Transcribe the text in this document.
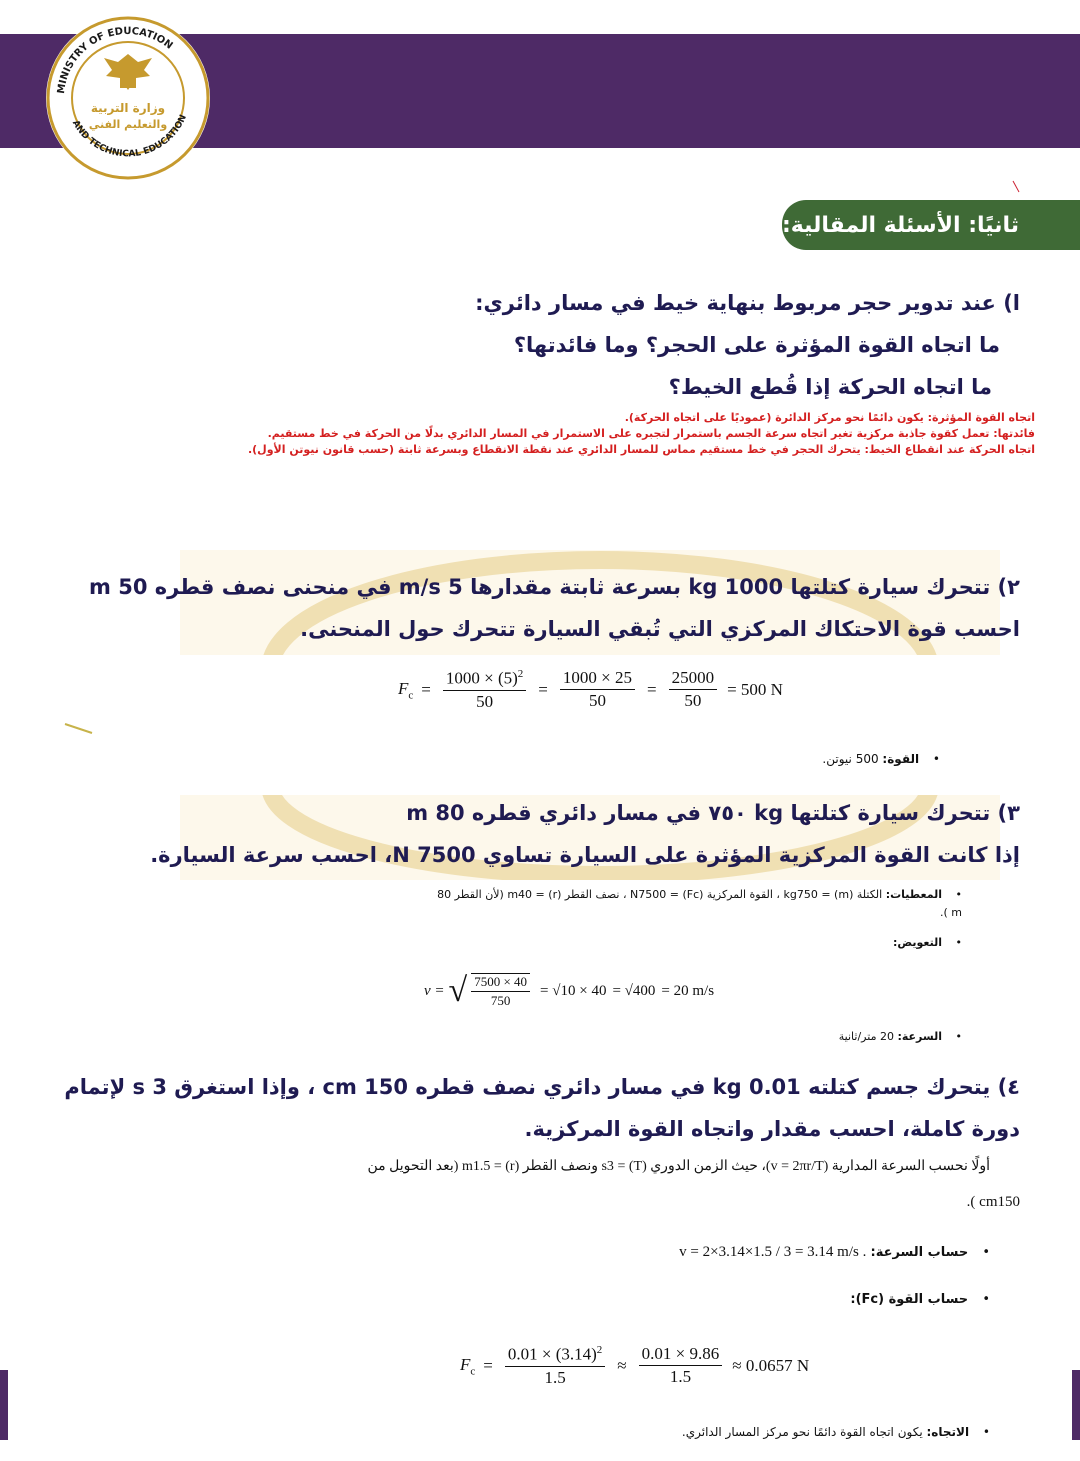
MINISTRY OF EDUCATION
AND TECHNICAL EDUCATION
وزارة التربية
والتعليم الفني
ثانيًا: الأسئلة المقالية:
ا) عند تدوير حجر مربوط بنهاية خيط في مسار دائري:
ما اتجاه القوة المؤثرة على الحجر؟ وما فائدتها؟
ما اتجاه الحركة إذا قُطع الخيط؟
اتجاه القوة المؤثرة: يكون دائمًا نحو مركز الدائرة (عموديًا على اتجاه الحركة).
فائدتها: تعمل كقوة جاذبة مركزية تغير اتجاه سرعة الجسم باستمرار لتجبره على الاستمرار في المسار الدائري بدلًا من الحركة في خط مستقيم.
اتجاه الحركة عند انقطاع الخيط: يتحرك الحجر في خط مستقيم مماس للمسار الدائري عند نقطة الانقطاع وبسرعة ثابتة (حسب قانون نيوتن الأول).
٢) تتحرك سيارة كتلتها kg 1000 بسرعة ثابتة مقدارها m/s 5 في منحنى نصف قطره m 50
احسب قوة الاحتكاك المركزي التي تُبقي السيارة تتحرك حول المنحنى.
$F_c = \frac{1000 \times (5)^2}{50} = \frac{1000 \times 25}{50} = \frac{25000}{50} = 500$ N
• القوة: 500 نيوتن.
٣) تتحرك سيارة كتلتها kg ٧٥٠ في مسار دائري قطره m 80
إذا كانت القوة المركزية المؤثرة على السيارة تساوي N 7500، احسب سرعة السيارة.
• المعطيات: الكتلة (m) = kg750 ، القوة المركزية (Fc) = N7500 ، نصف القطر (r) = m40 (لأن القطر 80
m ).
• التعويض:
v = √ $\frac{7500 \times 40}{750} = √10 \times 40 = √400 = 20$ m/s
• السرعة: 20 متر/ثانية
٤) يتحرك جسم كتلته kg 0.01 في مسار دائري نصف قطره cm 150 ، وإذا استغرق s 3 لإتمام
دورة كاملة، احسب مقدار واتجاه القوة المركزية.
أولًا نحسب السرعة المدارية (v = 2πr/T)، حيث الزمن الدوري (T) = s3 ونصف القطر (r) = m1.5 (بعد التحويل من
cm150 ).
• حساب السرعة: v = 2×3.14×1.5 / 3 = 3.14 m/s .
• حساب القوة (Fc):
$F_c = \frac{0.01 \times (3.14)^2}{1.5} \approx \frac{0.01 \times 9.86}{1.5} \approx 0.0657$ N
• الاتجاه: يكون اتجاه القوة دائمًا نحو مركز المسار الدائري.
